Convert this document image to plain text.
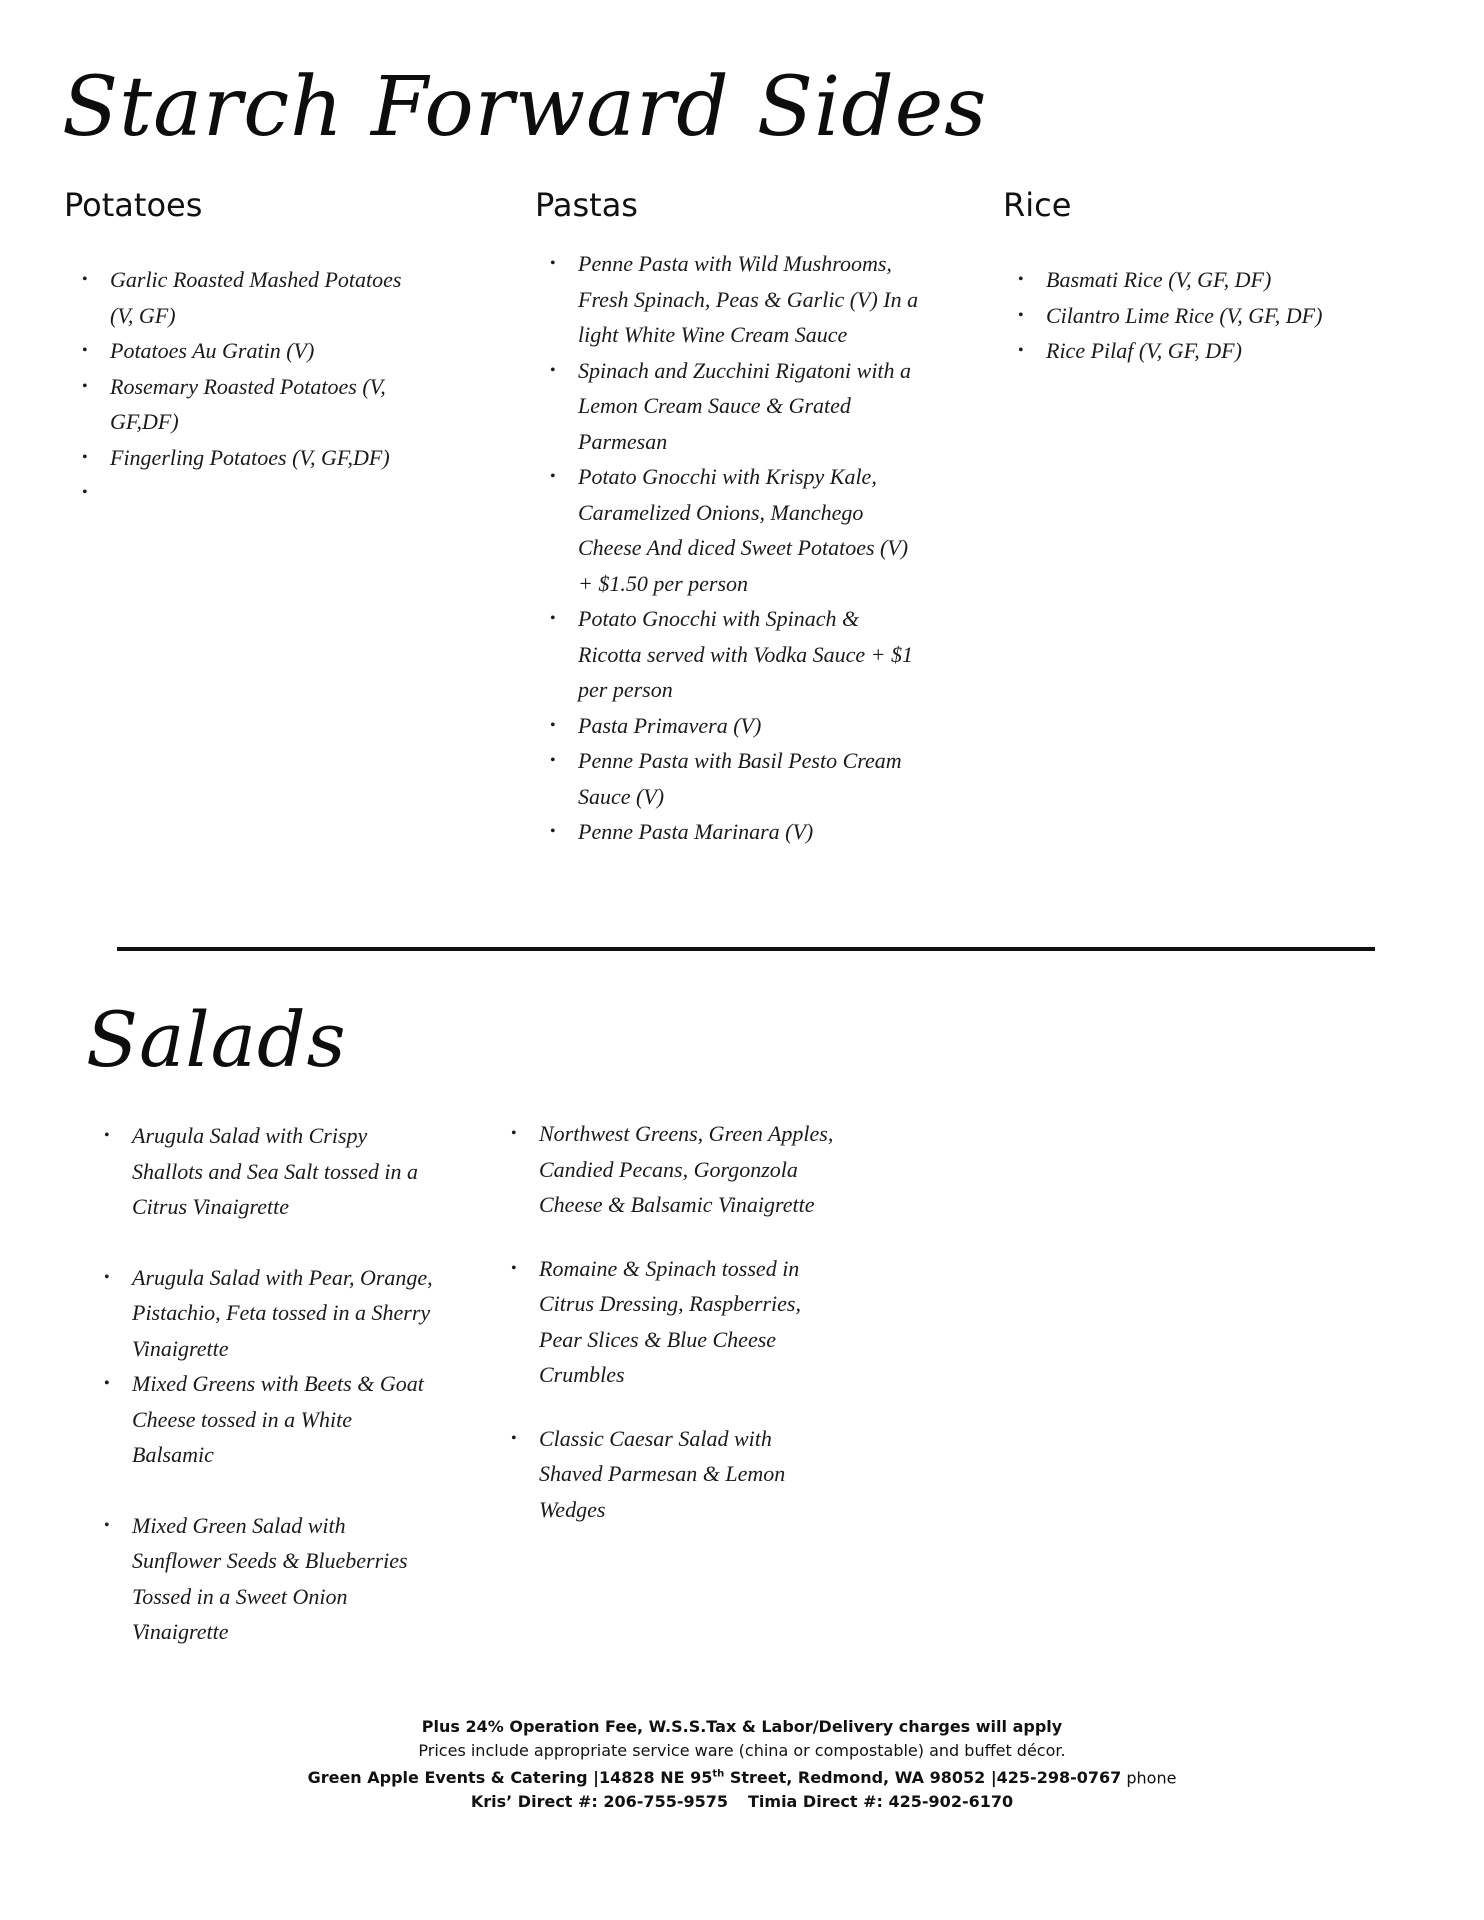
Starch Forward Sides
Potatoes	Pastas	Rice
• Garlic Roasted Mashed Potatoes (V, GF)
• Potatoes Au Gratin (V)
• Rosemary Roasted Potatoes (V, GF,DF)
• Fingerling Potatoes (V, GF,DF)
• Penne Pasta with Wild Mushrooms, Fresh Spinach, Peas & Garlic (V) In a light White Wine Cream Sauce
• Spinach and Zucchini Rigatoni with a Lemon Cream Sauce & Grated Parmesan
• Potato Gnocchi with Krispy Kale, Caramelized Onions, Manchego Cheese And diced Sweet Potatoes (V) + $1.50 per person
• Potato Gnocchi with Spinach & Ricotta served with Vodka Sauce + $1 per person
• Pasta Primavera (V)
• Penne Pasta with Basil Pesto Cream Sauce (V)
• Penne Pasta Marinara (V)
• Basmati Rice (V, GF, DF)
• Cilantro Lime Rice (V, GF, DF)
• Rice Pilaf (V, GF, DF)
Salads
• Arugula Salad with Crispy Shallots and Sea Salt tossed in a Citrus Vinaigrette
• Arugula Salad with Pear, Orange, Pistachio, Feta tossed in a Sherry Vinaigrette
• Mixed Greens with Beets & Goat Cheese tossed in a White Balsamic
• Mixed Green Salad with Sunflower Seeds & Blueberries Tossed in a Sweet Onion Vinaigrette
• Northwest Greens, Green Apples, Candied Pecans, Gorgonzola Cheese & Balsamic Vinaigrette
• Romaine & Spinach tossed in Citrus Dressing, Raspberries, Pear Slices & Blue Cheese Crumbles
• Classic Caesar Salad with Shaved Parmesan & Lemon Wedges
Plus 24% Operation Fee, W.S.S.Tax & Labor/Delivery charges will apply
Prices include appropriate service ware (china or compostable) and buffet décor.
Green Apple Events & Catering |14828 NE 95th Street, Redmond, WA 98052 |425-298-0767 phone
Kris’ Direct #: 206-755-9575 Timia Direct #: 425-902-6170
